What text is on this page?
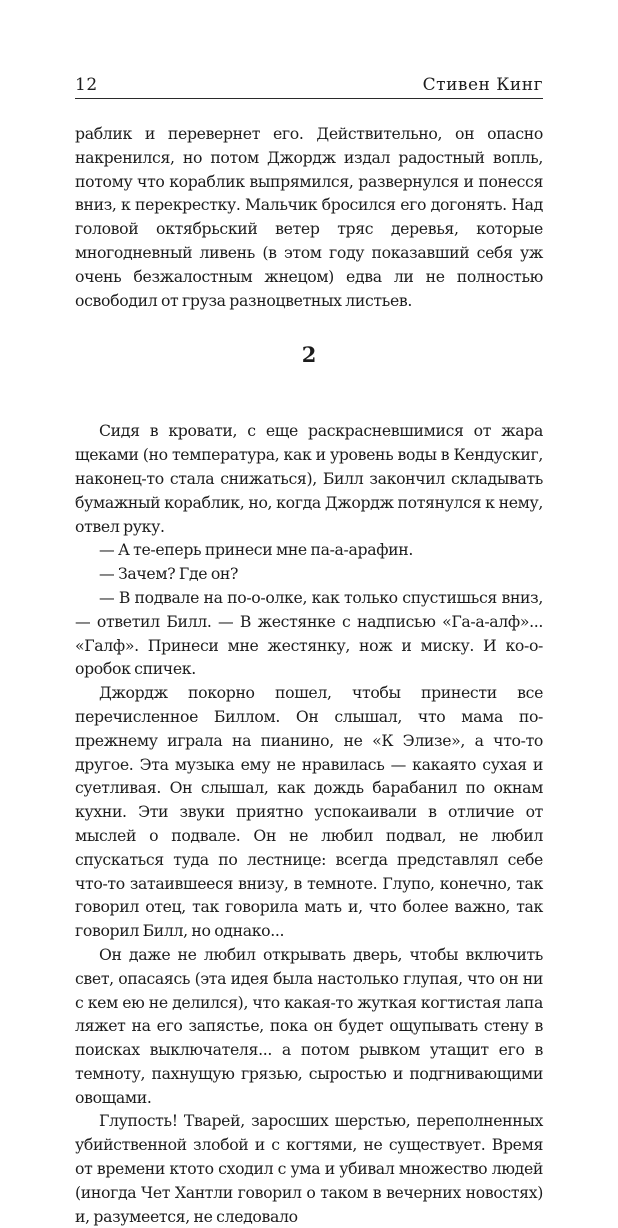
12	Стивен Кинг

раблик и перевернет его. Действительно, он опасно накренился, но потом Джордж издал радостный вопль, потому что кораблик выпрямился, развернулся и понесся вниз, к перекрестку. Мальчик бросился его догонять. Над головой октябрьский ветер тряс деревья, которые многодневный ливень (в этом году показавший себя уж очень безжалостным жнецом) едва ли не полностью освободил от груза разноцветных листьев.

2

Сидя в кровати, с еще раскрасневшимися от жара щеками (но температура, как и уровень воды в Кендускиг, наконец-то стала снижаться), Билл закончил складывать бумажный кораблик, но, когда Джордж потянулся к нему, отвел руку.

— А те-еперь принеси мне па-а-арафин.

— Зачем? Где он?

— В подвале на по-о-олке, как только спустишься вниз, — ответил Билл. — В жестянке с надписью «Га-а-алф»... «Галф». Принеси мне жестянку, нож и миску. И ко-о-оробок спичек.

Джордж покорно пошел, чтобы принести все перечисленное Биллом. Он слышал, что мама по-прежнему играла на пианино, не «К Элизе», а что-то другое. Эта музыка ему не нравилась — какаято сухая и суетливая. Он слышал, как дождь барабанил по окнам кухни. Эти звуки приятно успокаивали в отличие от мыслей о подвале. Он не любил подвал, не любил спускаться туда по лестнице: всегда представлял себе что-то затаившееся внизу, в темноте. Глупо, конечно, так говорил отец, так говорила мать и, что более важно, так говорил Билл, но однако...

Он даже не любил открывать дверь, чтобы включить свет, опасаясь (эта идея была настолько глупая, что он ни с кем ею не делился), что какая-то жуткая когтистая лапа ляжет на его запястье, пока он будет ощупывать стену в поисках выключателя... а потом рывком утащит его в темноту, пахнущую грязью, сыростью и подгнивающими овощами.

Глупость! Тварей, заросших шерстью, переполненных убийственной злобой и с когтями, не существует. Время от времени ктото сходил с ума и убивал множество людей (иногда Чет Хантли говорил о таком в вечерних новостях) и, разумеется, не следовало
